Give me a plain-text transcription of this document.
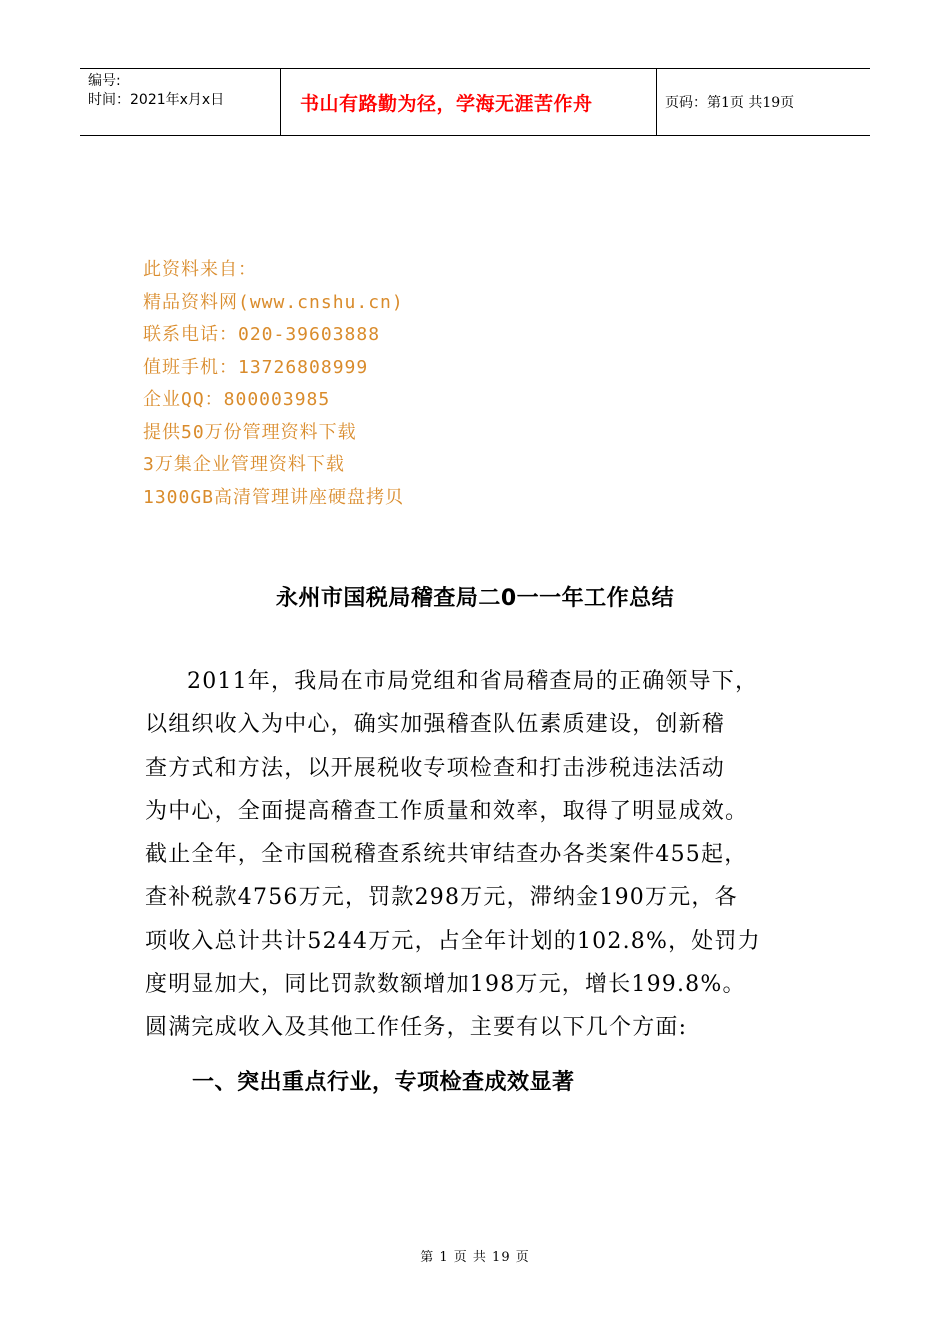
编号:
时间：2021年x月x日	书山有路勤为径，学海无涯苦作舟	页码：第1页 共19页
此资料来自：
精品资料网(www.cnshu.cn)
联系电话：020-39603888
值班手机：13726808999
企业QQ：800003985
提供50万份管理资料下载
3万集企业管理资料下载
1300GB高清管理讲座硬盘拷贝
永州市国税局稽查局二0一一年工作总结
2011年，我局在市局党组和省局稽查局的正确领导下，
以组织收入为中心，确实加强稽查队伍素质建设，创新稽
查方式和方法，以开展税收专项检查和打击涉税违法活动
为中心，全面提高稽查工作质量和效率，取得了明显成效。
截止全年，全市国税稽查系统共审结查办各类案件455起，
查补税款4756万元，罚款298万元，滞纳金190万元，各
项收入总计共计5244万元，占全年计划的102.8%，处罚力
度明显加大，同比罚款数额增加198万元，增长199.8%。
圆满完成收入及其他工作任务，主要有以下几个方面:
一、突出重点行业，专项检查成效显著
第 1 页 共 19 页
